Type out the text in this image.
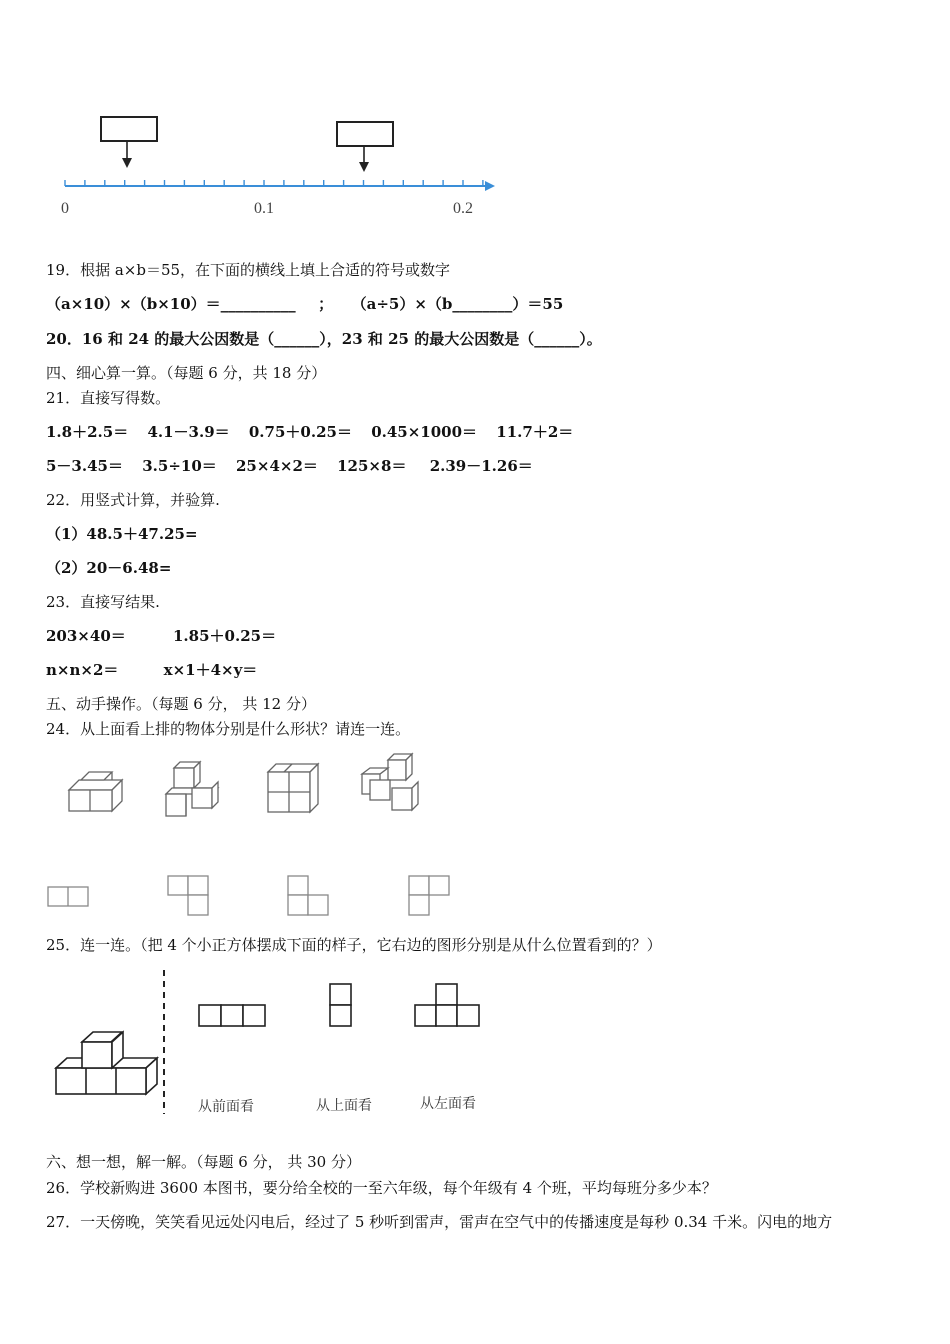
0	0.1	0.2
19．根据 a×b＝55，在下面的横线上填上合适的符号或数字
（a×10）×（b×10）＝__________ ； （a÷5）×（b________）＝55
20．16 和 24 的最大公因数是（______），23 和 25 的最大公因数是（______）。
四、细心算一算。（每题 6 分，共 18 分）
21．直接写得数。
1.8＋2.5＝ 4.1－3.9＝ 0.75＋0.25＝ 0.45×1000＝ 11.7＋2＝
5－3.45＝ 3.5÷10＝ 25×4×2＝ 125×8＝ 2.39－1.26＝
22．用竖式计算，并验算.
（1）48.5＋47.25=
（2）20－6.48=
23．直接写结果.
203×40＝	1.85＋0.25＝
n×n×2＝	x×1＋4×y＝
五、动手操作。（每题 6 分， 共 12 分）
24．从上面看上排的物体分别是什么形状？请连一连。
25．连一连。（把 4 个小正方体摆成下面的样子，它右边的图形分别是从什么位置看到的？）
从前面看	从上面看	从左面看
六、想一想，解一解。（每题 6 分， 共 30 分）
26．学校新购进 3600 本图书，要分给全校的一至六年级，每个年级有 4 个班，平均每班分多少本？
27．一天傍晚，笑笑看见远处闪电后，经过了 5 秒听到雷声，雷声在空气中的传播速度是每秒 0.34 千米。闪电的地方
